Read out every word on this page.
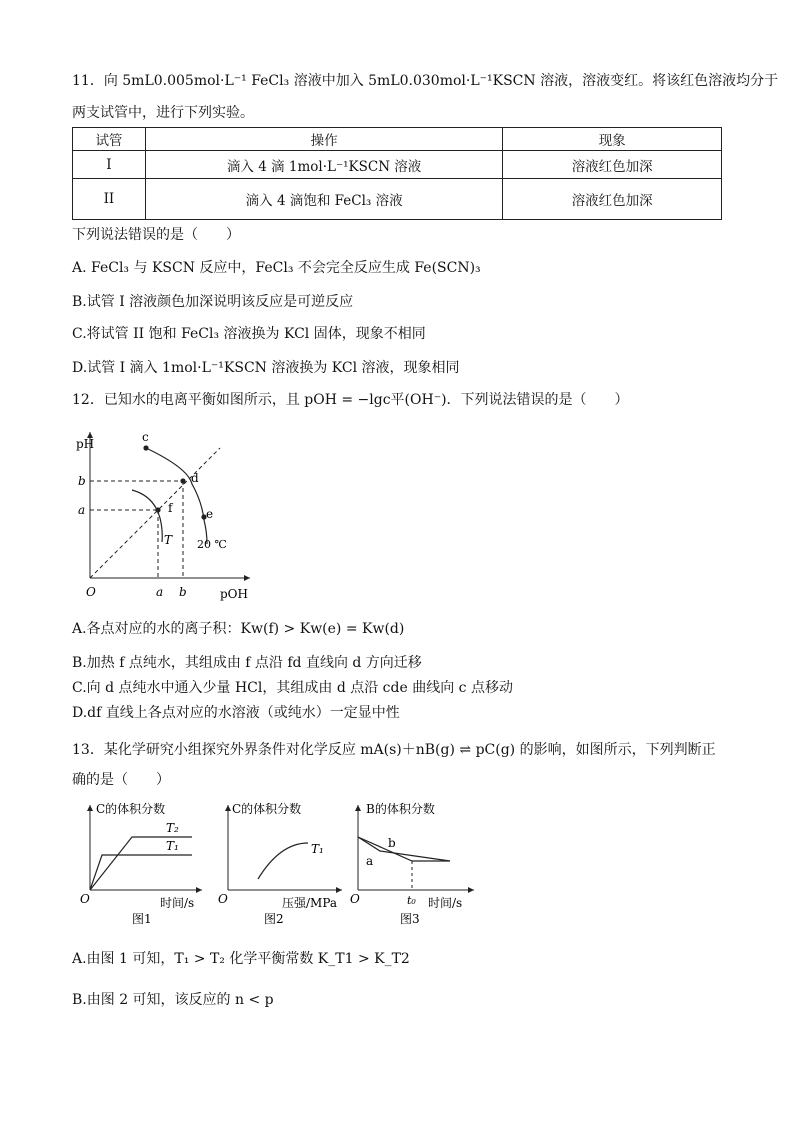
11．向 5mL0.005mol·L⁻¹ FeCl₃ 溶液中加入 5mL0.030mol·L⁻¹KSCN 溶液，溶液变红。将该红色溶液均分于
两支试管中，进行下列实验。
试管	操作	现象
I	滴入 4 滴 1mol·L⁻¹KSCN 溶液	溶液红色加深
II	滴入 4 滴饱和 FeCl₃ 溶液	溶液红色加深
下列说法错误的是（　　）
A. FeCl₃ 与 KSCN 反应中，FeCl₃ 不会完全反应生成 Fe(SCN)₃
B.试管 I 溶液颜色加深说明该反应是可逆反应
C.将试管 II 饱和 FeCl₃ 溶液换为 KCl 固体，现象不相同
D.试管 I 滴入 1mol·L⁻¹KSCN 溶液换为 KCl 溶液，现象相同
12．已知水的电离平衡如图所示，且 pOH = −lgc平(OH⁻)．下列说法错误的是（　　）
pH
pOH
O
b
a
a b
c
d
e
f
T 20 ℃
A.各点对应的水的离子积：Kw(f) > Kw(e) = Kw(d)
B.加热 f 点纯水，其组成由 f 点沿 fd 直线向 d 方向迁移
C.向 d 点纯水中通入少量 HCl，其组成由 d 点沿 cde 曲线向 c 点移动
D.df 直线上各点对应的水溶液（或纯水）一定显中性
13．某化学研究小组探究外界条件对化学反应 mA(s)＋nB(g) ⇌ pC(g) 的影响，如图所示，下列判断正
确的是（　　）
C的体积分数
时间/s
O
T₂
T₁
图1
C的体积分数
压强/MPa
O
T₁
图2
B的体积分数
时间/s
O
a
b
t₀
图3
A.由图 1 可知，T₁ > T₂ 化学平衡常数 K_T1 > K_T2
B.由图 2 可知，该反应的 n < p
